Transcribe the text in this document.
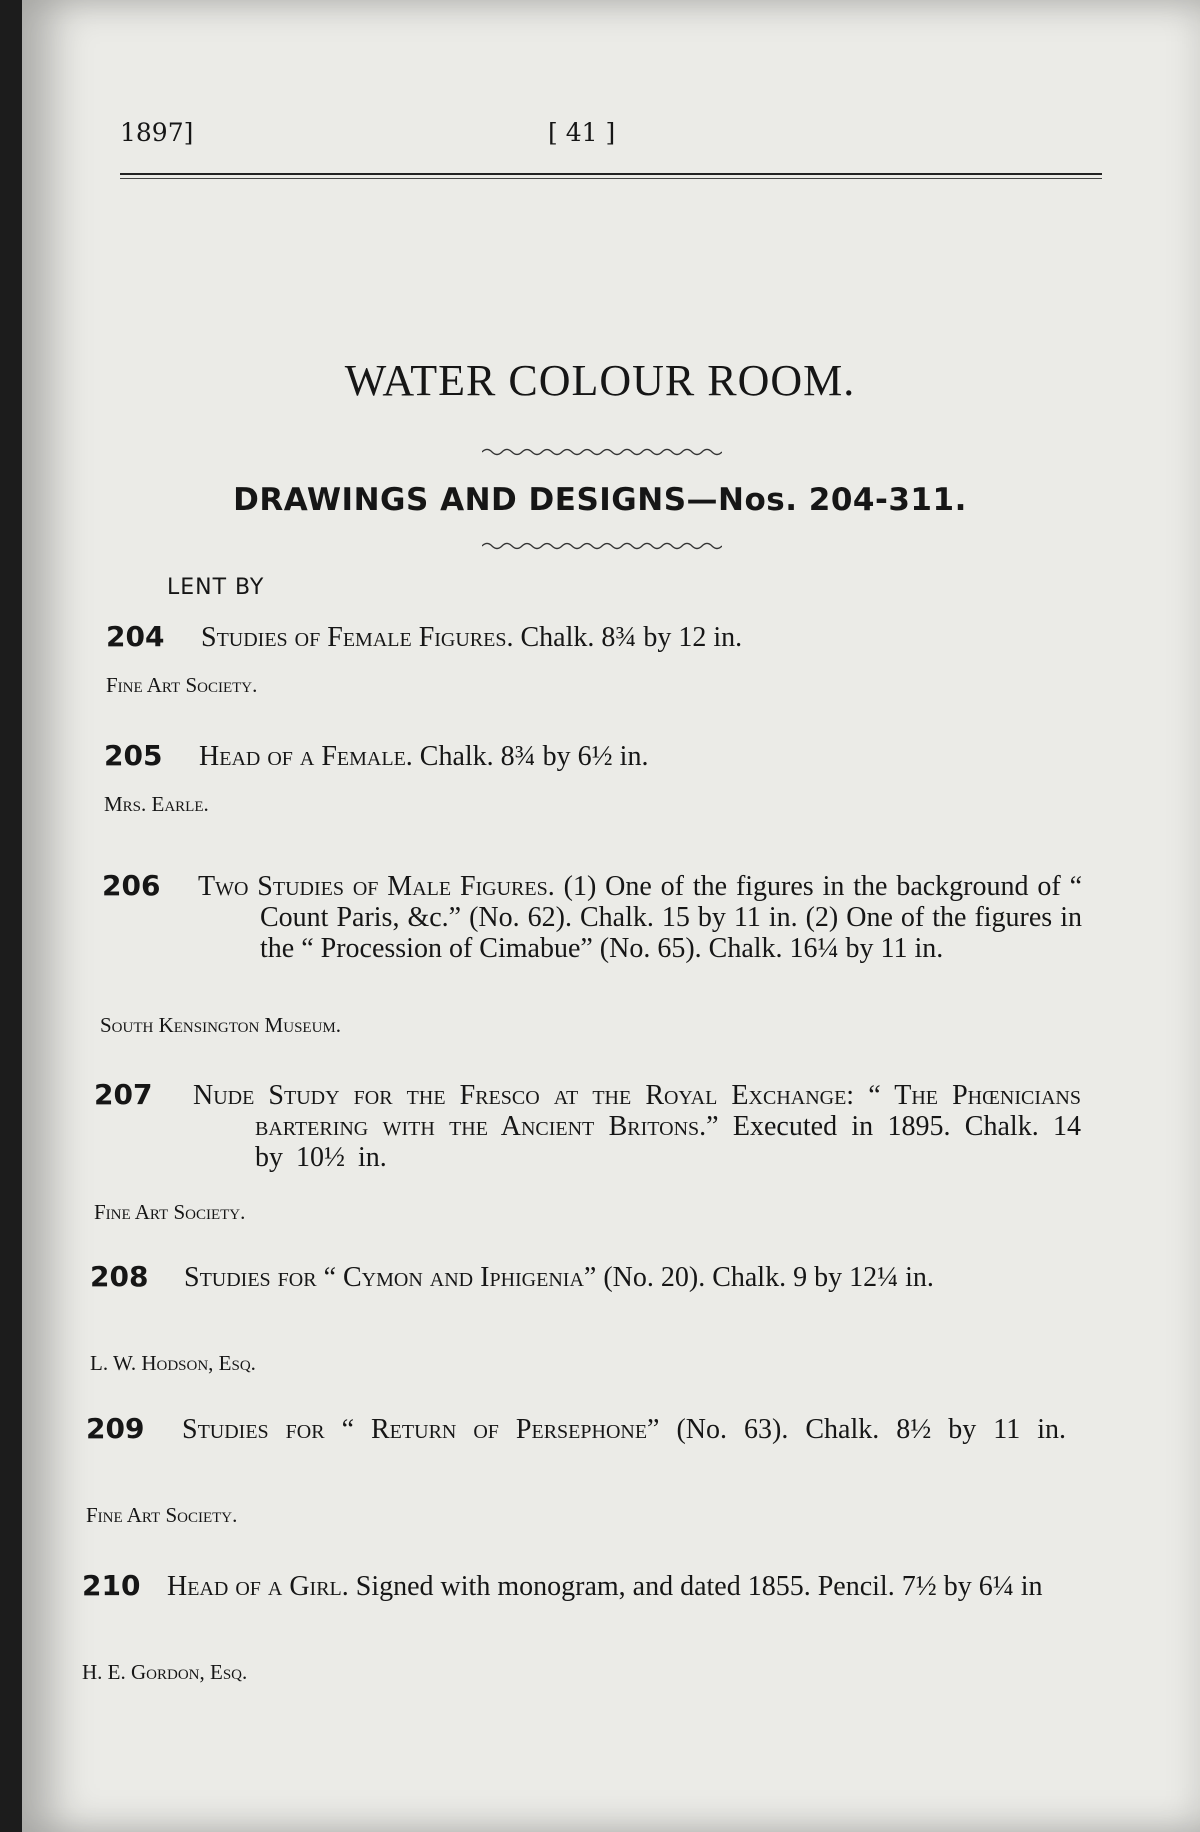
1897]	[ 41 ]
WATER COLOUR ROOM.
DRAWINGS AND DESIGNS—Nos. 204-311.
LENT BY
204 Studies of Female Figures. Chalk. 8¾ by 12 in.
Fine Art Society.
205 Head of a Female. Chalk. 8¾ by 6½ in.
Mrs. Earle.
206 Two Studies of Male Figures. (1) One of the figures in the background of “ Count Paris, &c.” (No. 62). Chalk. 15 by 11 in. (2) One of the figures in the “ Procession of Cimabue” (No. 65). Chalk. 16¼ by 11 in.
South Kensington Museum.
207 Nude Study for the Fresco at the Royal Exchange: “ The Phœnicians bartering with the Ancient Britons.” Executed in 1895. Chalk. 14 by 10½ in.
Fine Art Society.
208 Studies for “ Cymon and Iphigenia” (No. 20). Chalk. 9 by 12¼ in.
L. W. Hodson, Esq.
209 Studies for “ Return of Persephone” (No. 63). Chalk. 8½ by 11 in.
Fine Art Society.
210 Head of a Girl. Signed with monogram, and dated 1855. Pencil. 7½ by 6¼ in
H. E. Gordon, Esq.
